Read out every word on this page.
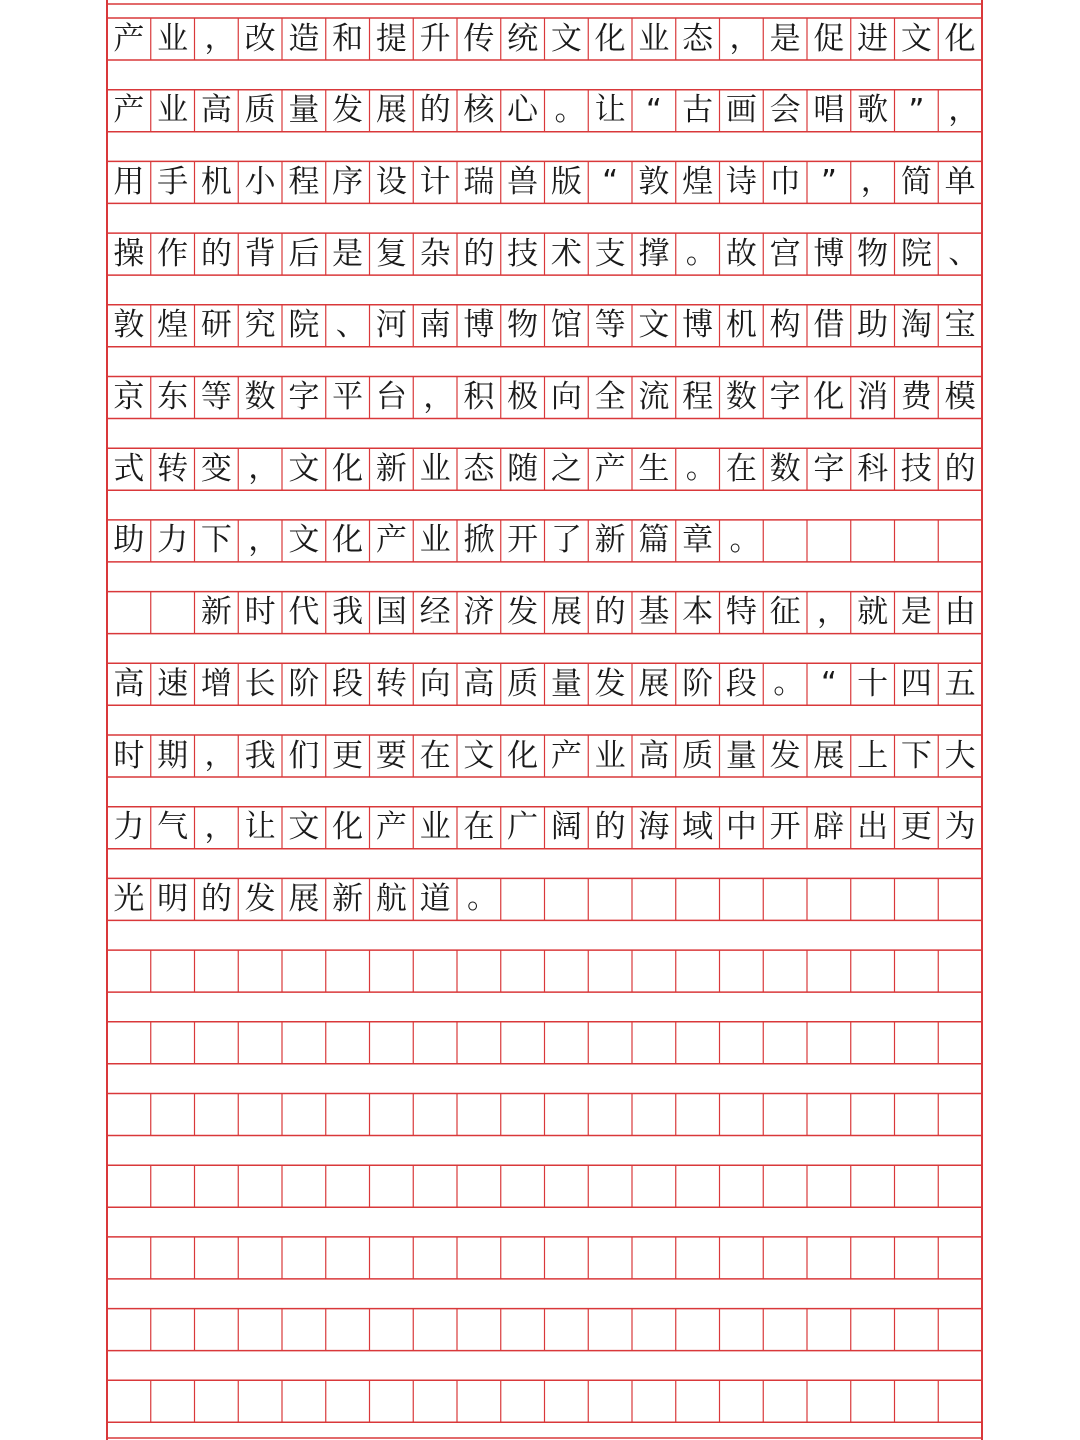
产 业 ， 改 造 和 提 升 传 统 文 化 业 态 ， 是 促 进 文 化
产 业 高 质 量 发 展 的 核 心 。 让 “ 古 画 会 唱 歌 ” ，
用 手 机 小 程 序 设 计 瑞 兽 版 “ 敦 煌 诗 巾 ” ， 简 单
操 作 的 背 后 是 复 杂 的 技 术 支 撑 。 故 宫 博 物 院 、
敦 煌 研 究 院 、 河 南 博 物 馆 等 文 博 机 构 借 助 淘 宝
京 东 等 数 字 平 台 ， 积 极 向 全 流 程 数 字 化 消 费 模
式 转 变 ， 文 化 新 业 态 随 之 产 生 。 在 数 字 科 技 的
助 力 下 ， 文 化 产 业 掀 开 了 新 篇 章 。
新 时 代 我 国 经 济 发 展 的 基 本 特 征 ， 就 是 由
高 速 增 长 阶 段 转 向 高 质 量 发 展 阶 段 。 “ 十 四 五
时 期 ， 我 们 更 要 在 文 化 产 业 高 质 量 发 展 上 下 大
力 气 ， 让 文 化 产 业 在 广 阔 的 海 域 中 开 辟 出 更 为
光 明 的 发 展 新 航 道 。
